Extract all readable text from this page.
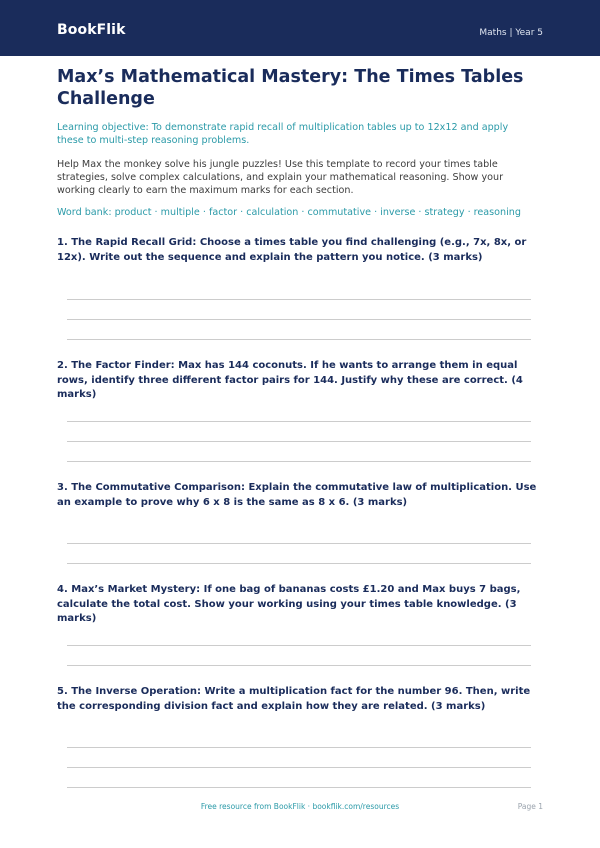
BookFlik	Maths | Year 5
Max’s Mathematical Mastery: The Times Tables Challenge
Learning objective: To demonstrate rapid recall of multiplication tables up to 12x12 and apply these to multi-step reasoning problems.
Help Max the monkey solve his jungle puzzles! Use this template to record your times table strategies, solve complex calculations, and explain your mathematical reasoning. Show your working clearly to earn the maximum marks for each section.
Word bank: product · multiple · factor · calculation · commutative · inverse · strategy · reasoning
1. The Rapid Recall Grid: Choose a times table you find challenging (e.g., 7x, 8x, or 12x). Write out the sequence and explain the pattern you notice. (3 marks)
2. The Factor Finder: Max has 144 coconuts. If he wants to arrange them in equal rows, identify three different factor pairs for 144. Justify why these are correct. (4 marks)
3. The Commutative Comparison: Explain the commutative law of multiplication. Use an example to prove why 6 x 8 is the same as 8 x 6. (3 marks)
4. Max’s Market Mystery: If one bag of bananas costs £1.20 and Max buys 7 bags, calculate the total cost. Show your working using your times table knowledge. (3 marks)
5. The Inverse Operation: Write a multiplication fact for the number 96. Then, write the corresponding division fact and explain how they are related. (3 marks)
Free resource from BookFlik · bookflik.com/resources	Page 1
